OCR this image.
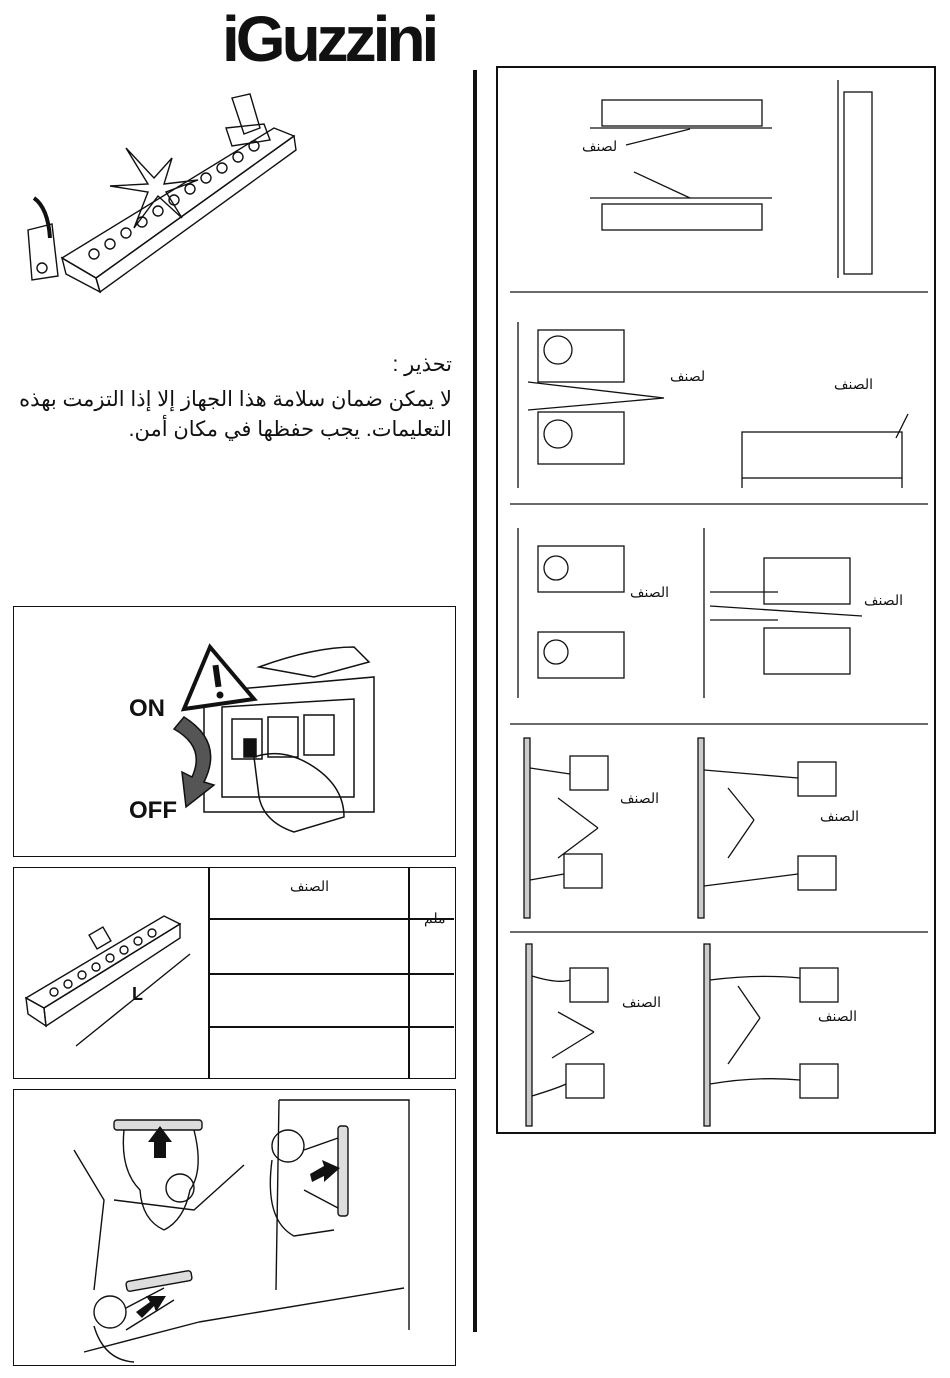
iGuzzini
تحذير :
لا يمكن ضمان سلامة هذا الجهاز إلا إذا التزمت بهذه التعليمات. يجب حفظها في مكان أمن.
ON
OFF
L
الصنف
ملم
لصنف
لصنف	الصنف
الصنف	الصنف
الصنف
الصنف
الصنف
الصنف
